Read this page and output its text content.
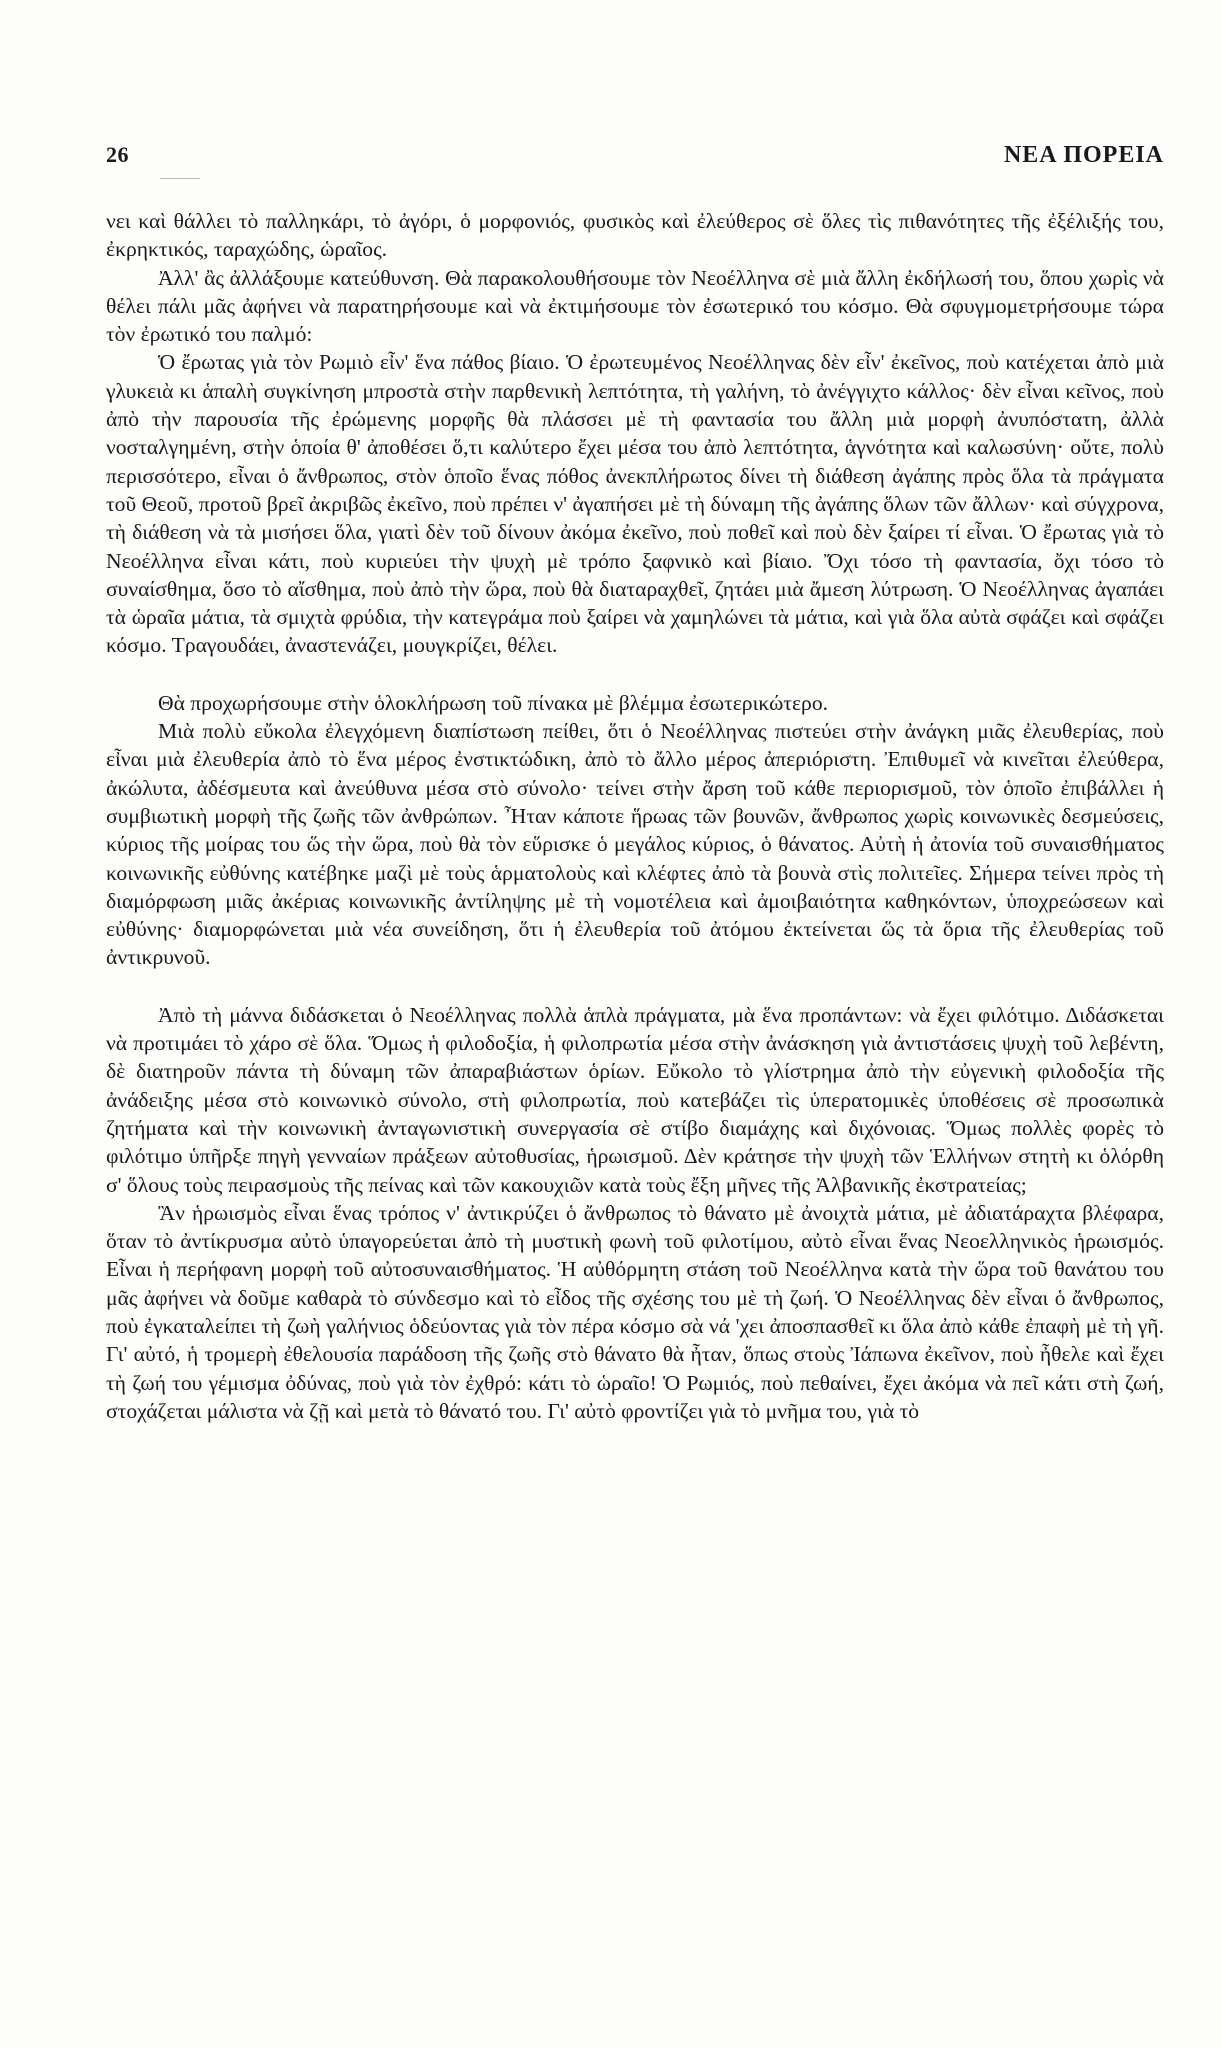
26	ΝΕΑ ΠΟΡΕΙΑ

νει καὶ θάλλει τὸ παλληκάρι, τὸ ἀγόρι, ὁ μορφονιός, φυσικὸς καὶ ἐλεύθερος σὲ ὅλες τὶς πιθανότητες τῆς ἐξέλιξής του, ἐκρηκτικός, ταραχώδης, ὡραῖος.

Ἀλλ' ἂς ἀλλάξουμε κατεύθυνση. Θὰ παρακολουθήσουμε τὸν Νεοέλληνα σὲ μιὰ ἄλλη ἐκδήλωσή του, ὅπου χωρὶς νὰ θέλει πάλι μᾶς ἀφήνει νὰ παρατηρήσουμε καὶ νὰ ἐκτιμήσουμε τὸν ἐσωτερικό του κόσμο. Θὰ σφυγμομετρήσουμε τώρα τὸν ἐρωτικό του παλμό:

Ὁ ἔρωτας γιὰ τὸν Ρωμιὸ εἶν' ἕνα πάθος βίαιο. Ὁ ἐρωτευμένος Νεοέλληνας δὲν εἶν' ἐκεῖνος, ποὺ κατέχεται ἀπὸ μιὰ γλυκειὰ κι ἁπαλὴ συγκίνηση μπροστὰ στὴν παρθενικὴ λεπτότητα, τὴ γαλήνη, τὸ ἀνέγγιχτο κάλλος· δὲν εἶναι κεῖνος, ποὺ ἀπὸ τὴν παρουσία τῆς ἐρώμενης μορφῆς θὰ πλάσσει μὲ τὴ φαντασία του ἄλλη μιὰ μορφὴ ἀνυπόστατη, ἀλλὰ νοσταλγημένη, στὴν ὁποία θ' ἀποθέσει ὅ,τι καλύτερο ἔχει μέσα του ἀπὸ λεπτότητα, ἁγνότητα καὶ καλωσύνη· οὔτε, πολὺ περισσότερο, εἶναι ὁ ἄνθρωπος, στὸν ὁποῖο ἕνας πόθος ἀνεκπλήρωτος δίνει τὴ διάθεση ἀγάπης πρὸς ὅλα τὰ πράγματα τοῦ Θεοῦ, προτοῦ βρεῖ ἀκριβῶς ἐκεῖνο, ποὺ πρέπει ν' ἀγαπήσει μὲ τὴ δύναμη τῆς ἀγάπης ὅλων τῶν ἄλλων· καὶ σύγχρονα, τὴ διάθεση νὰ τὰ μισήσει ὅλα, γιατὶ δὲν τοῦ δίνουν ἀκόμα ἐκεῖνο, ποὺ ποθεῖ καὶ ποὺ δὲν ξαίρει τί εἶναι. Ὁ ἔρωτας γιὰ τὸ Νεοέλληνα εἶναι κάτι, ποὺ κυριεύει τὴν ψυχὴ μὲ τρόπο ξαφνικὸ καὶ βίαιο. Ὄχι τόσο τὴ φαντασία, ὄχι τόσο τὸ συναίσθημα, ὅσο τὸ αἴσθημα, ποὺ ἀπὸ τὴν ὥρα, ποὺ θὰ διαταραχθεῖ, ζητάει μιὰ ἄμεση λύτρωση. Ὁ Νεοέλληνας ἀγαπάει τὰ ὡραῖα μάτια, τὰ σμιχτὰ φρύδια, τὴν κατεγράμα ποὺ ξαίρει νὰ χαμηλώνει τὰ μάτια, καὶ γιὰ ὅλα αὐτὰ σφάζει καὶ σφάζει κόσμο. Τραγουδάει, ἀναστενάζει, μουγκρίζει, θέλει.

Θὰ προχωρήσουμε στὴν ὁλοκλήρωση τοῦ πίνακα μὲ βλέμμα ἐσωτερικώτερο.

Μιὰ πολὺ εὔκολα ἐλεγχόμενη διαπίστωση πείθει, ὅτι ὁ Νεοέλληνας πιστεύει στὴν ἀνάγκη μιᾶς ἐλευθερίας, ποὺ εἶναι μιὰ ἐλευθερία ἀπὸ τὸ ἕνα μέρος ἐνστικτώδικη, ἀπὸ τὸ ἄλλο μέρος ἀπεριόριστη. Ἐπιθυμεῖ νὰ κινεῖται ἐλεύθερα, ἀκώλυτα, ἀδέσμευτα καὶ ἀνεύθυνα μέσα στὸ σύνολο· τείνει στὴν ἄρση τοῦ κάθε περιορισμοῦ, τὸν ὁποῖο ἐπιβάλλει ἡ συμβιωτικὴ μορφὴ τῆς ζωῆς τῶν ἀνθρώπων. Ἦταν κάποτε ἥρωας τῶν βουνῶν, ἄνθρωπος χωρὶς κοινωνικὲς δεσμεύσεις, κύριος τῆς μοίρας του ὥς τὴν ὥρα, ποὺ θὰ τὸν εὕρισκε ὁ μεγάλος κύριος, ὁ θάνατος. Αὐτὴ ἡ ἀτονία τοῦ συναισθήματος κοινωνικῆς εὐθύνης κατέβηκε μαζὶ μὲ τοὺς ἁρματολοὺς καὶ κλέφτες ἀπὸ τὰ βουνὰ στὶς πολιτεῖες. Σήμερα τείνει πρὸς τὴ διαμόρφωση μιᾶς ἀκέριας κοινωνικῆς ἀντίληψης μὲ τὴ νομοτέλεια καὶ ἀμοιβαιότητα καθηκόντων, ὑποχρεώσεων καὶ εὐθύνης· διαμορφώνεται μιὰ νέα συνείδηση, ὅτι ἡ ἐλευθερία τοῦ ἀτόμου ἐκτείνεται ὥς τὰ ὅρια τῆς ἐλευθερίας τοῦ ἀντικρυνοῦ.

Ἀπὸ τὴ μάννα διδάσκεται ὁ Νεοέλληνας πολλὰ ἁπλὰ πράγματα, μὰ ἕνα προπάντων: νὰ ἔχει φιλότιμο. Διδάσκεται νὰ προτιμάει τὸ χάρο σὲ ὅλα. Ὅμως ἡ φιλοδοξία, ἡ φιλοπρωτία μέσα στὴν ἀνάσκηση γιὰ ἀντιστάσεις ψυχὴ τοῦ λεβέντη, δὲ διατηροῦν πάντα τὴ δύναμη τῶν ἀπαραβιάστων ὁρίων. Εὔκολο τὸ γλίστρημα ἀπὸ τὴν εὐγενικὴ φιλοδοξία τῆς ἀνάδειξης μέσα στὸ κοινωνικὸ σύνολο, στὴ φιλοπρωτία, ποὺ κατεβάζει τὶς ὑπερατομικὲς ὑποθέσεις σὲ προσωπικὰ ζητήματα καὶ τὴν κοινωνικὴ ἀνταγωνιστικὴ συνεργασία σὲ στίβο διαμάχης καὶ διχόνοιας. Ὅμως πολλὲς φορὲς τὸ φιλότιμο ὑπῆρξε πηγὴ γενναίων πράξεων αὐτοθυσίας, ἡρωισμοῦ. Δὲν κράτησε τὴν ψυχὴ τῶν Ἑλλήνων στητὴ κι ὁλόρθη σ' ὅλους τοὺς πειρασμοὺς τῆς πείνας καὶ τῶν κακουχιῶν κατὰ τοὺς ἔξη μῆνες τῆς Ἀλβανικῆς ἐκστρατείας;

Ἂν ἡρωισμὸς εἶναι ἕνας τρόπος ν' ἀντικρύζει ὁ ἄνθρωπος τὸ θάνατο μὲ ἀνοιχτὰ μάτια, μὲ ἀδιατάραχτα βλέφαρα, ὅταν τὸ ἀντίκρυσμα αὐτὸ ὑπαγορεύεται ἀπὸ τὴ μυστικὴ φωνὴ τοῦ φιλοτίμου, αὐτὸ εἶναι ἕνας Νεοελληνικὸς ἡρωισμός. Εἶναι ἡ περήφανη μορφὴ τοῦ αὐτοσυναισθήματος. Ἡ αὐθόρμητη στάση τοῦ Νεοέλληνα κατὰ τὴν ὥρα τοῦ θανάτου του μᾶς ἀφήνει νὰ δοῦμε καθαρὰ τὸ σύνδεσμο καὶ τὸ εἶδος τῆς σχέσης του μὲ τὴ ζωή. Ὁ Νεοέλληνας δὲν εἶναι ὁ ἄνθρωπος, ποὺ ἐγκαταλείπει τὴ ζωὴ γαλήνιος ὁδεύοντας γιὰ τὸν πέρα κόσμο σὰ νά 'χει ἀποσπασθεῖ κι ὅλα ἀπὸ κάθε ἐπαφὴ μὲ τὴ γῆ. Γι' αὐτό, ἡ τρομερὴ ἐθελουσία παράδοση τῆς ζωῆς στὸ θάνατο θὰ ἦταν, ὅπως στοὺς Ἰάπωνα ἐκεῖνον, ποὺ ἦθελε καὶ ἔχει τὴ ζωή του γέμισμα ὀδύνας, ποὺ γιὰ τὸν ἐχθρό: κάτι τὸ ὡραῖο! Ὁ Ρωμιός, ποὺ πεθαίνει, ἔχει ἀκόμα νὰ πεῖ κάτι στὴ ζωή, στοχάζεται μάλιστα νὰ ζῇ καὶ μετὰ τὸ θάνατό του. Γι' αὐτὸ φροντίζει γιὰ τὸ μνῆμα του, γιὰ τὸ
